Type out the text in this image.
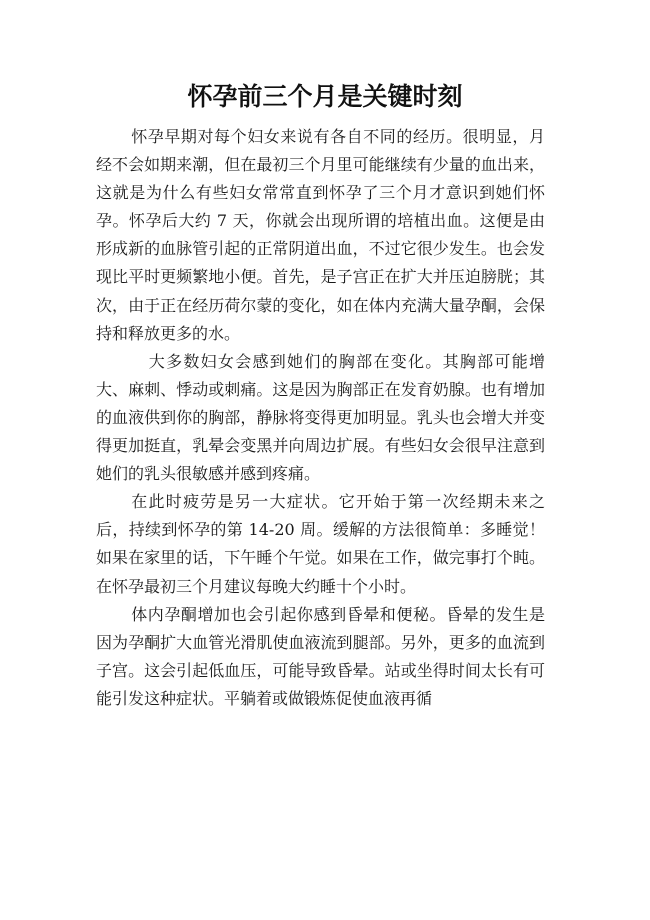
怀孕前三个月是关键时刻

怀孕早期对每个妇女来说有各自不同的经历。很明显，月经不会如期来潮，但在最初三个月里可能继续有少量的血出来，这就是为什么有些妇女常常直到怀孕了三个月才意识到她们怀孕。怀孕后大约 7 天，你就会出现所谓的培植出血。这便是由形成新的血脉管引起的正常阴道出血，不过它很少发生。也会发现比平时更频繁地小便。首先，是子宫正在扩大并压迫膀胱；其次，由于正在经历荷尔蒙的变化，如在体内充满大量孕酮，会保持和释放更多的水。

大多数妇女会感到她们的胸部在变化。其胸部可能增大、麻刺、悸动或刺痛。这是因为胸部正在发育奶腺。也有增加的血液供到你的胸部，静脉将变得更加明显。乳头也会增大并变得更加挺直，乳晕会变黑并向周边扩展。有些妇女会很早注意到她们的乳头很敏感并感到疼痛。

在此时疲劳是另一大症状。它开始于第一次经期未来之后，持续到怀孕的第 14-20 周。缓解的方法很简单：多睡觉！如果在家里的话，下午睡个午觉。如果在工作，做完事打个盹。在怀孕最初三个月建议每晚大约睡十个小时。

体内孕酮增加也会引起你感到昏晕和便秘。昏晕的发生是因为孕酮扩大血管光滑肌使血液流到腿部。另外，更多的血流到子宫。这会引起低血压，可能导致昏晕。站或坐得时间太长有可能引发这种症状。平躺着或做锻炼促使血液再循
